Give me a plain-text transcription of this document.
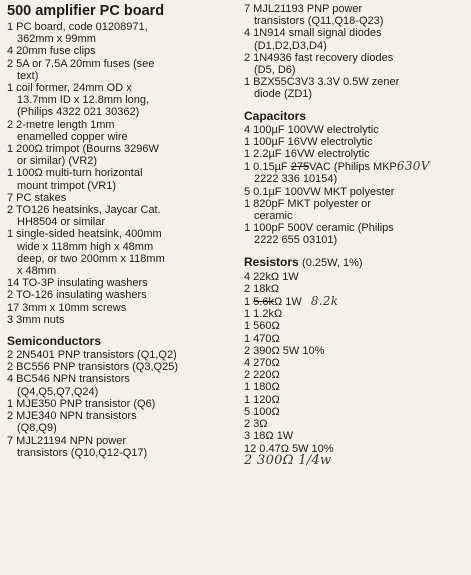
500 amplifier PC board
1 PC board, code 01208971,
362mm x 99mm
4 20mm fuse clips
2 5A or 7.5A 20mm fuses (see
text)
1 coil former, 24mm OD x
13.7mm ID x 12.8mm long,
(Philips 4322 021 30362)
2 2-metre length 1mm
enamelled copper wire
1 200Ω trimpot (Bourns 3296W
or similar) (VR2)
1 100Ω multi-turn horizontal
mount trimpot (VR1)
7 PC stakes
2 TO126 heatsinks, Jaycar Cat.
HH8504 or similar
1 single-sided heatsink, 400mm
wide x 118mm high x 48mm
deep, or two 200mm x 118mm
x 48mm
14 TO-3P insulating washers
2 TO-126 insulating washers
17 3mm x 10mm screws
3 3mm nuts
Semiconductors
2 2N5401 PNP transistors (Q1,Q2)
2 BC556 PNP transistors (Q3,Q25)
4 BC546 NPN transistors
(Q4,Q5,Q7,Q24)
1 MJE350 PNP transistor (Q6)
2 MJE340 NPN transistors
(Q8,Q9)
7 MJL21194 NPN power
transistors (Q10,Q12-Q17)
7 MJL21193 PNP power
transistors (Q11,Q18-Q23)
4 1N914 small signal diodes
(D1,D2,D3,D4)
2 1N4936 fast recovery diodes
(D5, D6)
1 BZX55C3V3 3.3V 0.5W zener
diode (ZD1)
Capacitors
4 100µF 100VW electrolytic
1 100µF 16VW electrolytic
1 2.2µF 16VW electrolytic
1 0.15µF 275VAC (Philips MKP630V
2222 336 10154)
5 0.1µF 100VW MKT polyester
1 820pF MKT polyester or
ceramic
1 100pF 500V ceramic (Philips
2222 655 03101)
Resistors (0.25W, 1%)
4 22kΩ 1W
2 18kΩ
1 5.6kΩ 1W 8.2k
1 1.2kΩ
1 560Ω
1 470Ω
2 390Ω 5W 10%
4 270Ω
2 220Ω
1 180Ω
1 120Ω
5 100Ω
2 3Ω
3 18Ω 1W
12 0.47Ω 5W 10%
2 300Ω 1/4w
